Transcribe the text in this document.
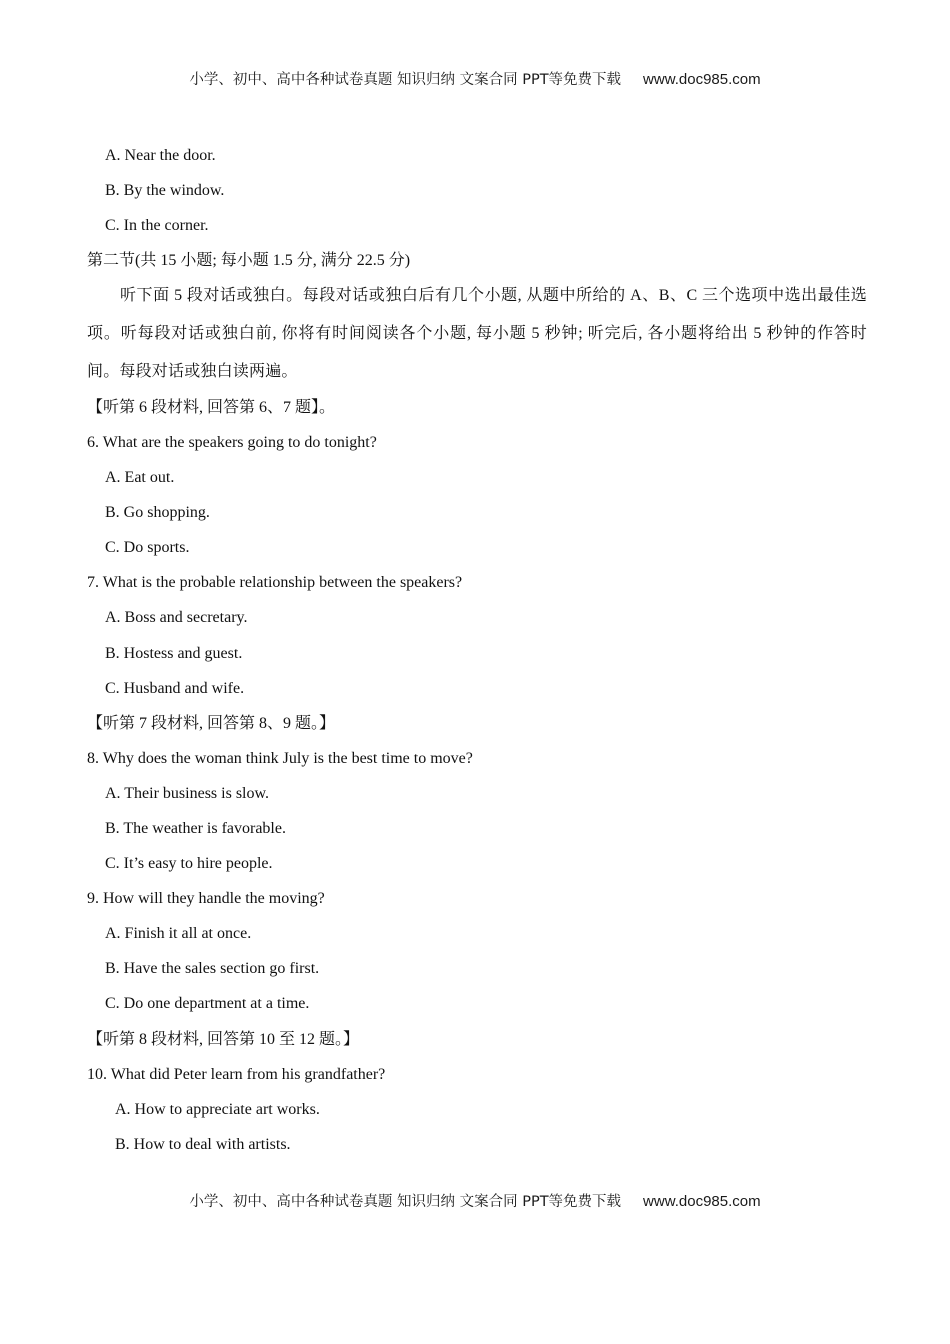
小学、初中、高中各种试卷真题 知识归纳 文案合同 PPT等免费下载 www.doc985.com
A. Near the door.
B. By the window.
C. In the corner.
第二节(共 15 小题; 每小题 1.5 分, 满分 22.5 分)
听下面 5 段对话或独白。每段对话或独白后有几个小题, 从题中所给的 A、B、C 三个选项中选出最佳选项。听每段对话或独白前, 你将有时间阅读各个小题, 每小题 5 秒钟; 听完后, 各小题将给出 5 秒钟的作答时间。每段对话或独白读两遍。
【听第 6 段材料, 回答第 6、7 题】。
6. What are the speakers going to do tonight?
A. Eat out.
B. Go shopping.
C. Do sports.
7. What is the probable relationship between the speakers?
A. Boss and secretary.
B. Hostess and guest.
C. Husband and wife.
【听第 7 段材料, 回答第 8、9 题。】
8. Why does the woman think July is the best time to move?
A. Their business is slow.
B. The weather is favorable.
C. It’s easy to hire people.
9. How will they handle the moving?
A. Finish it all at once.
B. Have the sales section go first.
C. Do one department at a time.
【听第 8 段材料, 回答第 10 至 12 题。】
10. What did Peter learn from his grandfather?
A. How to appreciate art works.
B. How to deal with artists.
小学、初中、高中各种试卷真题 知识归纳 文案合同 PPT等免费下载 www.doc985.com
